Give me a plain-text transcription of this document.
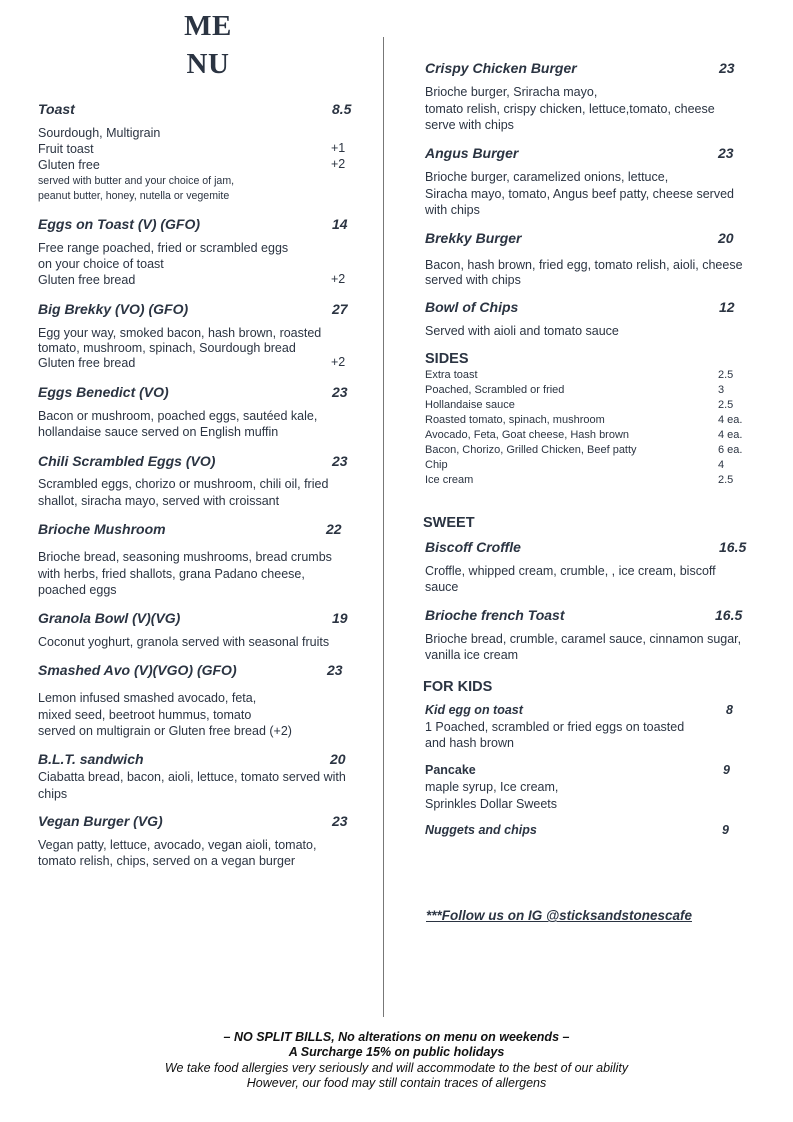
ME
NU
Toast	8.5
Sourdough, Multigrain
Fruit toast	+1
Gluten free	+2
served with butter and your choice of jam,
peanut butter, honey, nutella or vegemite
Eggs on Toast (V) (GFO)	14
Free range poached, fried or scrambled eggs
on your choice of toast
Gluten free bread	+2
Big Brekky (VO) (GFO)	27
Egg your way, smoked bacon, hash brown, roasted
tomato, mushroom, spinach, Sourdough bread
Gluten free bread	+2
Eggs Benedict (VO)	23
Bacon or mushroom, poached eggs, sautéed kale,
hollandaise sauce served on English muffin
Chili Scrambled Eggs (VO)	23
Scrambled eggs, chorizo or mushroom, chili oil, fried
shallot, siracha mayo, served with croissant
Brioche Mushroom	22
Brioche bread, seasoning mushrooms, bread crumbs
with herbs, fried shallots, grana Padano cheese,
poached eggs
Granola Bowl (V)(VG)	19
Coconut yoghurt, granola served with seasonal fruits
Smashed Avo (V)(VGO) (GFO)	23
Lemon infused smashed avocado, feta,
mixed seed, beetroot hummus, tomato
served on multigrain or Gluten free bread (+2)
B.L.T. sandwich	20
Ciabatta bread, bacon, aioli, lettuce, tomato served with
chips
Vegan Burger (VG)	23
Vegan patty, lettuce, avocado, vegan aioli, tomato,
tomato relish, chips, served on a vegan burger
Crispy Chicken Burger	23
Brioche burger, Sriracha mayo,
tomato relish, crispy chicken, lettuce,tomato, cheese
serve with chips
Angus Burger	23
Brioche burger, caramelized onions, lettuce,
Siracha mayo, tomato, Angus beef patty, cheese served
with chips
Brekky Burger	20
Bacon, hash brown, fried egg, tomato relish, aioli, cheese
served with chips
Bowl of Chips	12
Served with aioli and tomato sauce
SIDES
Extra toast	2.5
Poached, Scrambled or fried	3
Hollandaise sauce	2.5
Roasted tomato, spinach, mushroom	4 ea.
Avocado, Feta, Goat cheese, Hash brown	4 ea.
Bacon, Chorizo, Grilled Chicken, Beef patty	6 ea.
Chip	4
Ice cream	2.5
SWEET
Biscoff Croffle	16.5
Croffle, whipped cream, crumble, , ice cream, biscoff
sauce
Brioche french Toast	16.5
Brioche bread, crumble, caramel sauce, cinnamon sugar,
vanilla ice cream
FOR KIDS
Kid egg on toast	8
1 Poached, scrambled or fried eggs on toasted
and hash brown
Pancake	9
maple syrup, Ice cream,
Sprinkles Dollar Sweets
Nuggets and chips	9
***Follow us on IG @sticksandstonescafe
– NO SPLIT BILLS, No alterations on menu on weekends –
A Surcharge 15% on public holidays
We take food allergies very seriously and will accommodate to the best of our ability
However, our food may still contain traces of allergens
